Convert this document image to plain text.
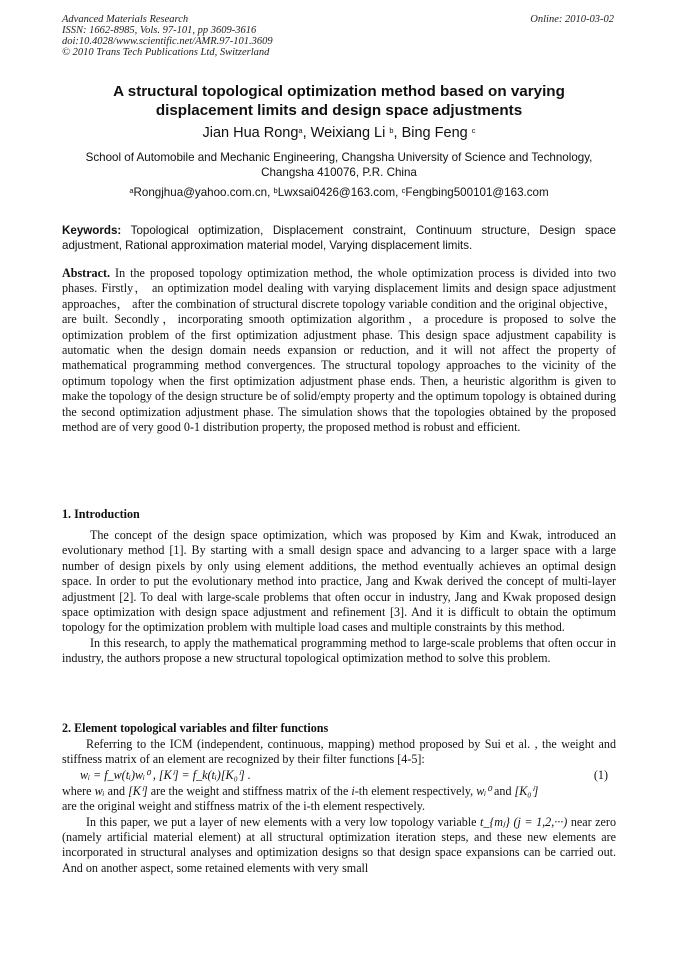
Advanced Materials Research
ISSN: 1662-8985, Vols. 97-101, pp 3609-3616
doi:10.4028/www.scientific.net/AMR.97-101.3609
© 2010 Trans Tech Publications Ltd, Switzerland
Online: 2010-03-02
A structural topological optimization method based on varying
displacement limits and design space adjustments
Jian Hua Rong$^a$, Weixiang Li $^b$, Bing Feng $^c$
School of Automobile and Mechanic Engineering, Changsha University of Science and Technology,
Changsha 410076, P.R. China
$^a$Rongjhua@yahoo.com.cn, $^b$Lwxsai0426@163.com, $^c$Fengbing500101@163.com
Keywords: Topological optimization, Displacement constraint, Continuum structure, Design space adjustment, Rational approximation material model, Varying displacement limits.
Abstract. In the proposed topology optimization method, the whole optimization process is divided into two phases. Firstly， an optimization model dealing with varying displacement limits and design space adjustment approaches， after the combination of structural discrete topology variable condition and the original objective， are built. Secondly，incorporating smooth optimization algorithm，a procedure is proposed to solve the optimization problem of the first optimization adjustment phase. This design space adjustment capability is automatic when the design domain needs expansion or reduction, and it will not affect the property of mathematical programming method convergences. The structural topology approaches to the vicinity of the optimum topology when the first optimization adjustment phase ends. Then, a heuristic algorithm is given to make the topology of the design structure be of solid/empty property and the optimum topology is obtained during the second optimization adjustment phase. The simulation shows that the topologies obtained by the proposed method are of very good 0-1 distribution property, the proposed method is robust and efficient.
1. Introduction

The concept of the design space optimization, which was proposed by Kim and Kwak, introduced an evolutionary method [1]. By starting with a small design space and advancing to a larger space with a large number of design pixels by only using element additions, the method eventually achieves an optimal design space. In order to put the evolutionary method into practice, Jang and Kwak derived the concept of multi-layer adjustment [2]. To deal with large-scale problems that often occur in industry, Jang and Kwak proposed design space optimization with design space adjustment and refinement [3]. And it is difficult to obtain the optimum topology for the optimization problem with multiple load cases and multiple constraints by this method.

In this research, to apply the mathematical programming method to large-scale problems that often occur in industry, the authors propose a new structural topological optimization method to solve this problem.

2. Element topological variables and filter functions

Referring to the ICM (independent, continuous, mapping) method proposed by Sui et al. , the weight and stiffness matrix of an element are recognized by their filter functions [4-5]:

wᵢ = f_w(tᵢ)wᵢ⁰ , [Kⁱ] = f_k(tᵢ)[K₀ⁱ] .	(1)

where wᵢ and [Kⁱ] are the weight and stiffness matrix of the i-th element respectively, wᵢ⁰ and [K₀ⁱ]

are the original weight and stiffness matrix of the i-th element respectively.

In this paper, we put a layer of new elements with a very low topology variable t_{mⱼ} (j = 1,2,···) near zero (namely artificial material element) at all structural optimization iteration steps, and these new elements are incorporated in structural analyses and optimization designs so that design space expansions can be carried out. And on another aspect, some retained elements with very small
